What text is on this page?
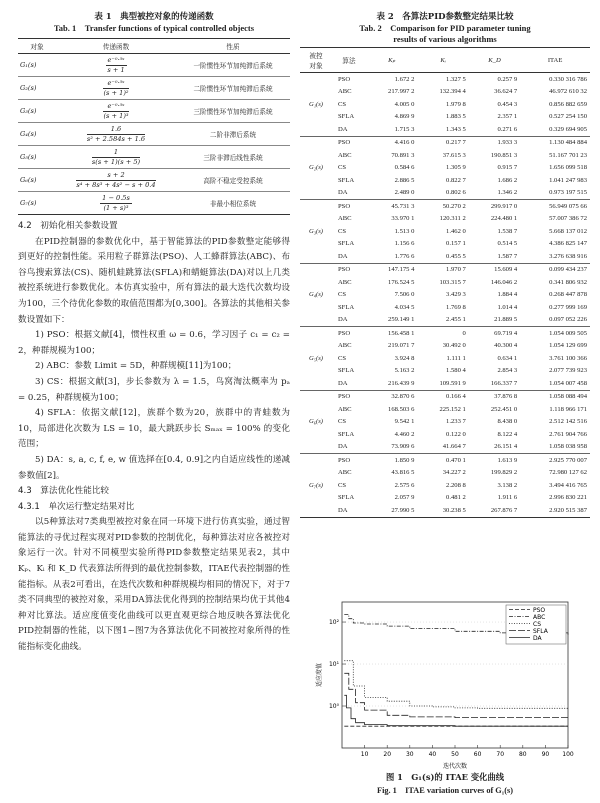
表 1　典型被控对象的传递函数
Tab. 1　Transfer functions of typical controlled objects
对象	传递函数	性质
G₁(s)	$\frac{\text{e⁻⁰·⁵ˢ}}{s + 1}$	一阶惯性环节加纯滞后系统
G₂(s)	$\frac{\text{e⁻⁰·⁵ˢ}}{\text{(s + 1)²}}$	二阶惯性环节加纯滞后系统
G₃(s)	$\frac{\text{e⁻⁰·⁵ˢ}}{\text{(s + 1)³}}$	三阶惯性环节加纯滞后系统
G₄(s)	$\frac{1.6}{\text{s² + 2.584s + 1.6}}$	二阶非滞后系统
G₅(s)	$\frac{1}{s(s + 1)(s + 5)}$	三阶非滞后线性系统
G₆(s)	$\frac{s + 2}{\text{s⁴ + 8s³ + 4s² − s + 0.4}}$	高阶不稳定受控系统
G₇(s)	$\frac{1 - 0.5s}{\text{(1 + s)³}}$	非最小相位系统
4.2　初始化相关参数设置
在PID控制器的参数优化中，基于智能算法的PID参数整定能够得到更好的控制性能。采用粒子群算法(PSO)、人工蜂群算法(ABC)、布谷鸟搜索算法(CS)、随机蛙跳算法(SFLA)和蜻蜓算法(DA)对以上几类被控系统进行参数优化。本仿真实验中，所有算法的最大迭代次数均设为100，三个待优化参数的取值范围都为[0,300]。各算法的其他相关参数设置如下：
1) PSO：根据文献[4]，惯性权重 ω = 0.6，学习因子 c₁ = c₂ = 2，种群规模为100；
2) ABC：参数 Limit = 5D，种群规模[11]为100；
3) CS：根据文献[3]，步长参数为 λ = 1.5，鸟窝淘汰概率为 pₐ = 0.25，种群规模为100；
4) SFLA：依据文献[12]，族群个数为20，族群中的青蛙数为10，局部进化次数为 LS = 10，最大跳跃步长 Sₘₐₓ = 100% 的变化范围；
5) DA：s, a, c, f, e, w 值选择在[0.4, 0.9]之内自适应线性的递减参数值[2]。
4.3　算法优化性能比较
4.3.1　单次运行整定结果对比
以5种算法对7类典型被控对象在同一环境下进行仿真实验，通过智能算法的寻优过程实现对PID参数的控制优化，每种算法对应各被控对象运行一次。针对不同模型实验所得PID参数整定结果见表2，其中 Kₚ、Kᵢ 和 K_D 代表算法所得到的最优控制参数，ITAE代表控制器的性能指标。从表2可看出，在迭代次数和种群规模均相同的情况下，对于7类不同典型的被控对象，采用DA算法优化得到的控制结果均优于其他4种对比算法。适应度值变化曲线可以更直观更综合地反映各算法优化PID控制器的性能，以下图1~图7为各算法优化不同被控对象所得的性能指标变化曲线。
表 2　各算法PID参数整定结果比较
Tab. 2　Comparison for PID parameter tuning
results of various algorithms
被控
对象	算法	Kₚ	Kᵢ	K_D	ITAE
G₁(s)	PSO	1.672 2	1.327 5	0.257 9	0.330 316 786
	ABC	217.997 2	132.394 4	36.624 7	46.972 610 32
	CS	4.005 0	1.979 8	0.454 3	0.856 882 659
	SFLA	4.869 9	1.883 5	2.357 1	0.527 254 150
	DA	1.715 3	1.343 5	0.271 6	0.329 694 905
G₂(s)	PSO	4.416 0	0.217 7	1.933 3	1.130 484 884
	ABC	70.891 3	37.615 3	190.851 3	51.167 701 23
	CS	0.584 6	1.305 9	0.915 7	1.656 099 518
	SFLA	2.886 5	0.822 7	1.686 2	1.041 247 983
	DA	2.489 0	0.802 6	1.346 2	0.973 197 515
G₃(s)	PSO	45.731 3	50.270 2	299.917 0	56.949 075 66
	ABC	33.970 1	120.311 2	224.480 1	57.007 386 72
	CS	1.513 0	1.462 0	1.538 7	5.668 137 012
	SFLA	1.156 6	0.157 1	0.514 5	4.386 825 147
	DA	1.776 6	0.455 5	1.587 7	3.276 638 916
G₄(s)	PSO	147.175 4	1.970 7	15.609 4	0.099 434 237
	ABC	176.524 5	103.315 7	146.046 2	0.341 806 932
	CS	7.506 0	3.429 3	1.884 4	0.268 447 878
	SFLA	4.034 5	1.769 8	1.014 4	0.277 999 169
	DA	259.149 1	2.455 1	21.889 5	0.097 052 226
G₅(s)	PSO	156.458 1	0	69.719 4	1.054 009 505
	ABC	219.071 7	30.492 0	40.300 4	1.054 129 699
	CS	3.924 8	1.111 1	0.634 1	3.761 100 366
	SFLA	5.163 2	1.580 4	2.854 3	2.077 739 923
	DA	216.439 9	109.591 9	166.337 7	1.054 007 458
G₆(s)	PSO	32.870 6	0.166 4	37.876 8	1.058 088 494
	ABC	168.503 6	225.152 1	252.451 0	1.118 966 171
	CS	9.542 1	1.233 7	8.438 0	2.512 142 516
	SFLA	4.460 2	0.122 0	8.122 4	2.761 904 766
	DA	73.909 6	41.664 7	26.151 4	1.058 038 958
G₇(s)	PSO	1.850 9	0.470 1	1.613 9	2.925 770 007
	ABC	43.816 5	34.227 2	199.829 2	72.980 127 62
	CS	2.575 6	2.208 8	3.138 2	3.494 416 765
	SFLA	2.057 9	0.481 2	1.911 6	2.996 830 221
	DA	27.990 5	30.238 5	267.876 7	2.920 515 387
10 20 30 40 50 60 70 80 90 100
10⁰
10¹
10²
PSO
ABC
CS
SFLA
DA
迭代次数
适应度值
图 1　G₁(s)的 ITAE 变化曲线
Fig. 1　ITAE variation curves of G₁(s)
